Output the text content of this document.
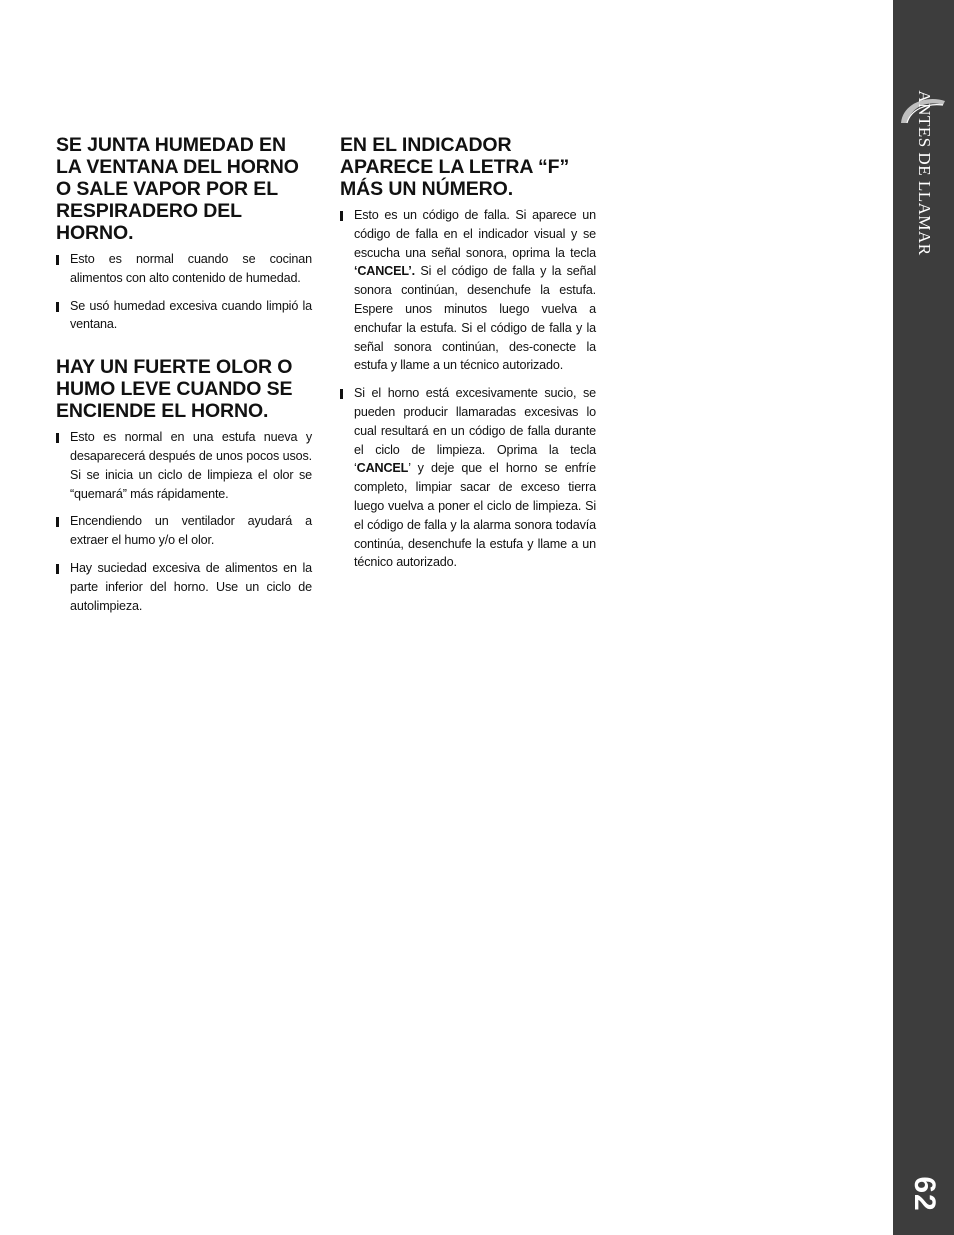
SE JUNTA HUMEDAD EN LA VENTANA DEL HORNO O SALE VAPOR POR EL RESPIRADERO DEL HORNO.
Esto es normal cuando se cocinan alimentos con alto contenido de humedad.
Se usó humedad excesiva cuando limpió la ventana.
HAY UN FUERTE OLOR O HUMO LEVE CUANDO SE ENCIENDE EL HORNO.
Esto es normal en una estufa nueva y desaparecerá después de unos pocos usos. Si se inicia un ciclo de limpieza el olor se “quemará” más rápidamente.
Encendiendo un ventilador ayudará a extraer el humo y/o el olor.
Hay suciedad excesiva de alimentos en la parte inferior del horno. Use un ciclo de autolimpieza.
EN EL INDICADOR APARECE LA LETRA “F” MÁS UN NÚMERO.
Esto es un código de falla. Si aparece un código de falla en el indicador visual y se escucha una señal sonora, oprima la tecla ‘CANCEL’. Si el código de falla y la señal sonora continúan, desenchufe la estufa. Espere unos minutos luego vuelva a enchufar la estufa. Si el código de falla y la señal sonora continúan, des-conecte la estufa y llame a un técnico autorizado.
Si el horno está excesivamente sucio, se pueden producir llamaradas excesivas lo cual resultará en un código de falla durante el ciclo de limpieza. Oprima la tecla ‘CANCEL’ y deje que el horno se enfríe completo, limpiar sacar de exceso tierra luego vuelva a poner el ciclo de limpieza. Si el código de falla y la alarma sonora todavía continúa, desenchufe la estufa y llame a un técnico autorizado.
ANTES DE LLAMAR
62
